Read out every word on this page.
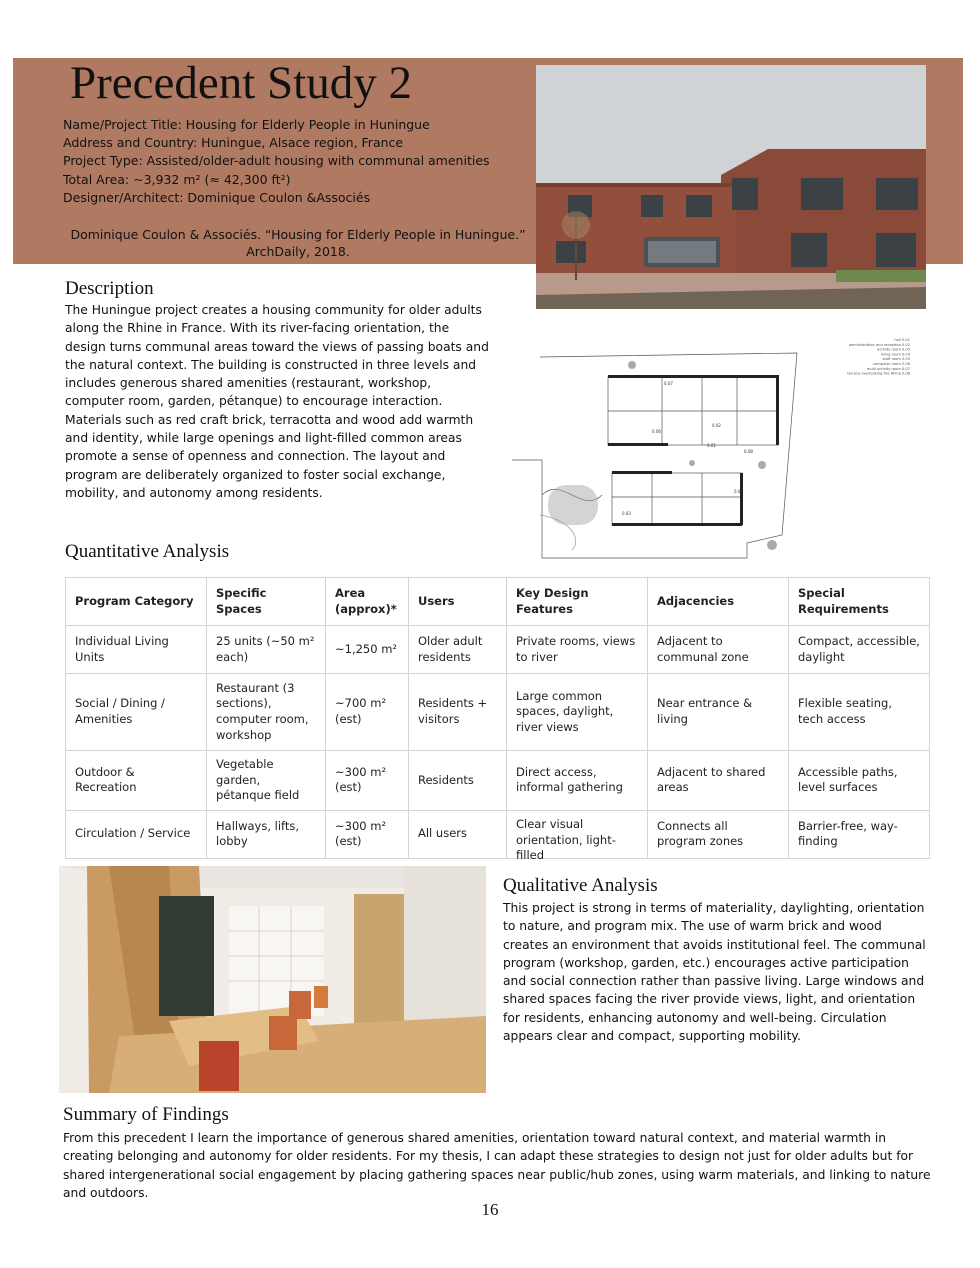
Precedent Study 2
Name/Project Title: Housing for Elderly People in Huningue
Address and Country: Huningue, Alsace region, France
Project Type: Assisted/older-adult housing with communal amenities
Total Area: ~3,932 m² (≈ 42,300 ft²)
Designer/Architect: Dominique Coulon &Associés
Dominique Coulon & Associés. “Housing for Elderly People in Huningue.”
ArchDaily, 2018.
Description

The Huningue project creates a housing community for older adults along the Rhine in France. With its river-facing orientation, the design turns communal areas toward the views of passing boats and the natural context. The building is constructed in three levels and includes generous shared amenities (restaurant, workshop, computer room, garden, pétanque) to encourage interaction. Materials such as red craft brick, terracotta and wood add warmth and identity, while large openings and light-filled common areas promote a sense of openness and connection. The layout and program are deliberately organized to foster social exchange, mobility, and autonomy among residents.

0.07
0.06
0.01
0.02
0.08
0.04
0.03
hall 0.01
administration and reception 0.02
activity room 0.03
living room 0.04
staff room 0.05
computer room 0.06
multi-activity room 0.07
terrace overlooking the Rhine 0.08
Quantitative Analysis
Program Category	Specific Spaces	Area (approx)*	Users	Key Design Features	Adjacencies	Special Requirements
Individual Living Units	25 units (~50 m² each)	~1,250 m²	Older adult residents	Private rooms, views to river	Adjacent to communal zone	Compact, accessible, daylight
Social / Dining / Amenities	Restaurant (3 sections), computer room, workshop	~700 m² (est)	Residents + visitors	Large common spaces, daylight, river views	Near entrance & living	Flexible seating, tech access
Outdoor & Recreation	Vegetable garden, pétanque field	~300 m² (est)	Residents	Direct access, informal gathering	Adjacent to shared areas	Accessible paths, level surfaces
Circulation / Service	Hallways, lifts, lobby	~300 m² (est)	All users	Clear visual orientation, light-filled	Connects all program zones	Barrier-free, way-finding
Qualitative Analysis

This project is strong in terms of materiality, daylighting, orientation to nature, and program mix. The use of warm brick and wood creates an environment that avoids institutional feel. The communal program (workshop, garden, etc.) encourages active participation and social connection rather than passive living. Large windows and shared spaces facing the river provide views, light, and orientation for residents, enhancing autonomy and well-being. Circulation appears clear and compact, supporting mobility.

Summary of Findings

From this precedent I learn the importance of generous shared amenities, orientation toward natural context, and material warmth in creating belonging and autonomy for older residents. For my thesis, I can adapt these strategies to design not just for older adults but for shared intergenerational social engagement by placing gathering spaces near public/hub zones, using warm materials, and linking to nature and outdoors.

16
